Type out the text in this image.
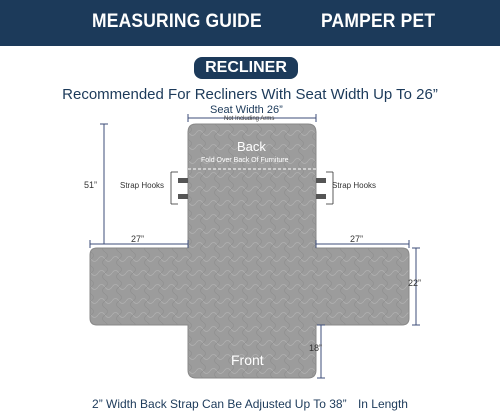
MEASURING GUIDE	PAMPER PET
RECLINER
Recommended For Recliners With Seat Width Up To 26”
Seat Width 26”
Not Including Arms
Back
Fold Over Back Of Furniture
Front
Strap Hooks	Strap Hooks
51”
27”	27”
22”
18”
2” Width Back Strap Can Be Adjusted Up To 38” In Length
